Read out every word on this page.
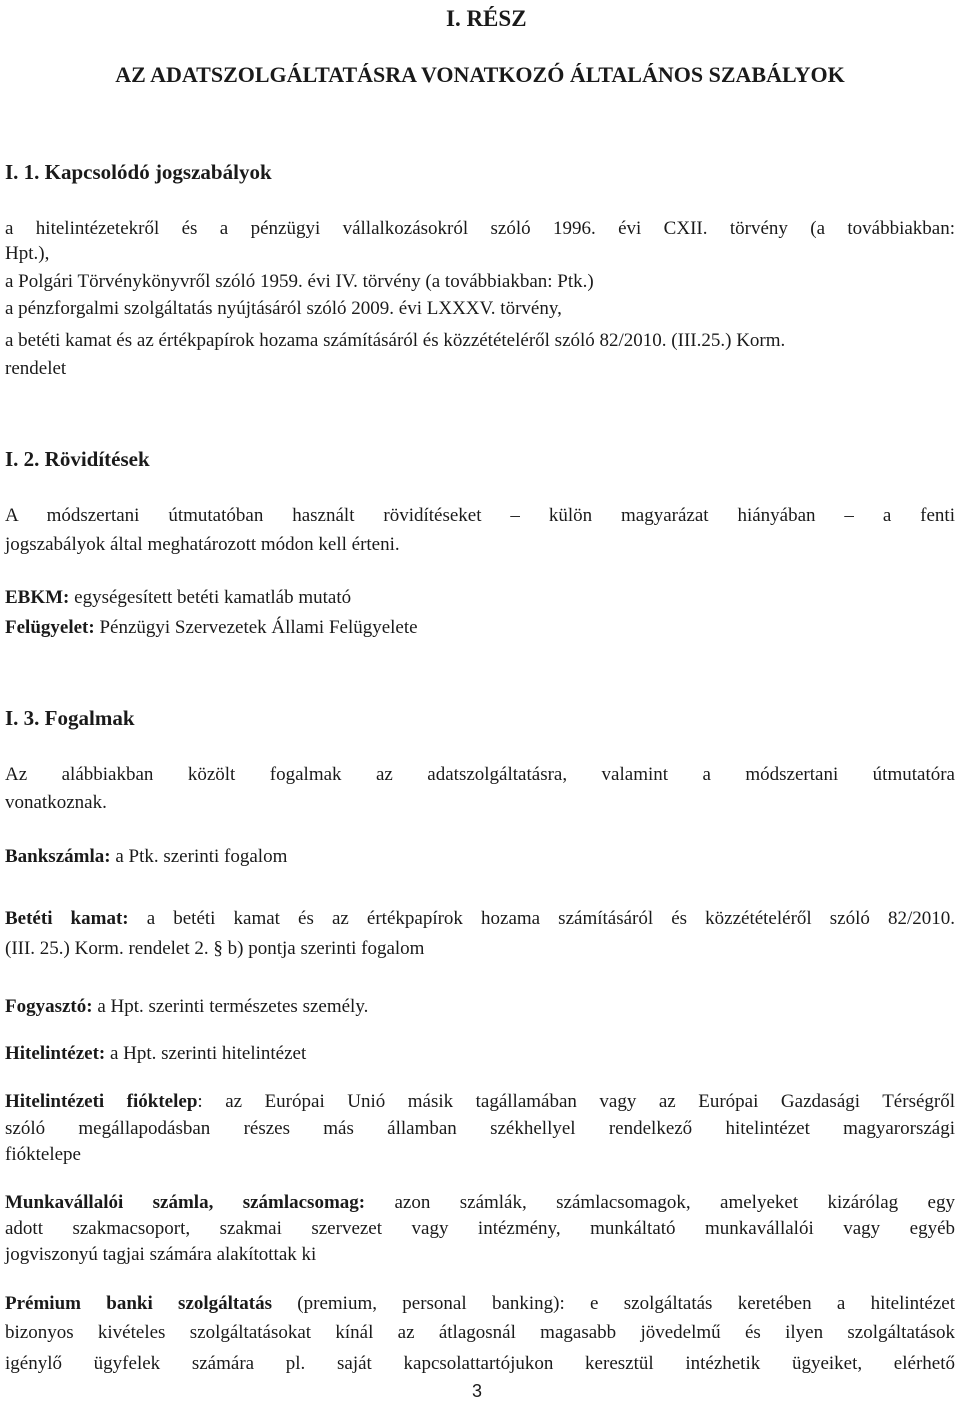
I. RÉSZ
AZ ADATSZOLGÁLTATÁSRA VONATKOZÓ ÁLTALÁNOS SZABÁLYOK
I. 1. Kapcsolódó jogszabályok
a hitelintézetekről és a pénzügyi vállalkozásokról szóló 1996. évi CXII. törvény (a továbbiakban:
Hpt.),
a Polgári Törvénykönyvről szóló 1959. évi IV. törvény (a továbbiakban: Ptk.)
a pénzforgalmi szolgáltatás nyújtásáról szóló 2009. évi LXXXV. törvény,
a betéti kamat és az értékpapírok hozama számításáról és közzétételéről szóló 82/2010. (III.25.) Korm.
rendelet
I. 2. Rövidítések
A módszertani útmutatóban használt rövidítéseket – külön magyarázat hiányában – a fenti
jogszabályok által meghatározott módon kell érteni.
EBKM: egységesített betéti kamatláb mutató
Felügyelet: Pénzügyi Szervezetek Állami Felügyelete
I. 3. Fogalmak
Az alábbiakban közölt fogalmak az adatszolgáltatásra, valamint a módszertani útmutatóra
vonatkoznak.
Bankszámla: a Ptk. szerinti fogalom
Betéti kamat: a betéti kamat és az értékpapírok hozama számításáról és közzétételéről szóló 82/2010.
(III. 25.) Korm. rendelet 2. § b) pontja szerinti fogalom
Fogyasztó: a Hpt. szerinti természetes személy.
Hitelintézet: a Hpt. szerinti hitelintézet
Hitelintézeti fióktelep: az Európai Unió másik tagállamában vagy az Európai Gazdasági Térségről
szóló megállapodásban részes más államban székhellyel rendelkező hitelintézet magyarországi
fióktelepe
Munkavállalói számla, számlacsomag: azon számlák, számlacsomagok, amelyeket kizárólag egy
adott szakmacsoport, szakmai szervezet vagy intézmény, munkáltató munkavállalói vagy egyéb
jogviszonyú tagjai számára alakítottak ki
Prémium banki szolgáltatás (premium, personal banking): e szolgáltatás keretében a hitelintézet
bizonyos kivételes szolgáltatásokat kínál az átlagosnál magasabb jövedelmű és ilyen szolgáltatások
igénylő ügyfelek számára pl. saját kapcsolattartójukon keresztül intézhetik ügyeiket, elérhető
3
